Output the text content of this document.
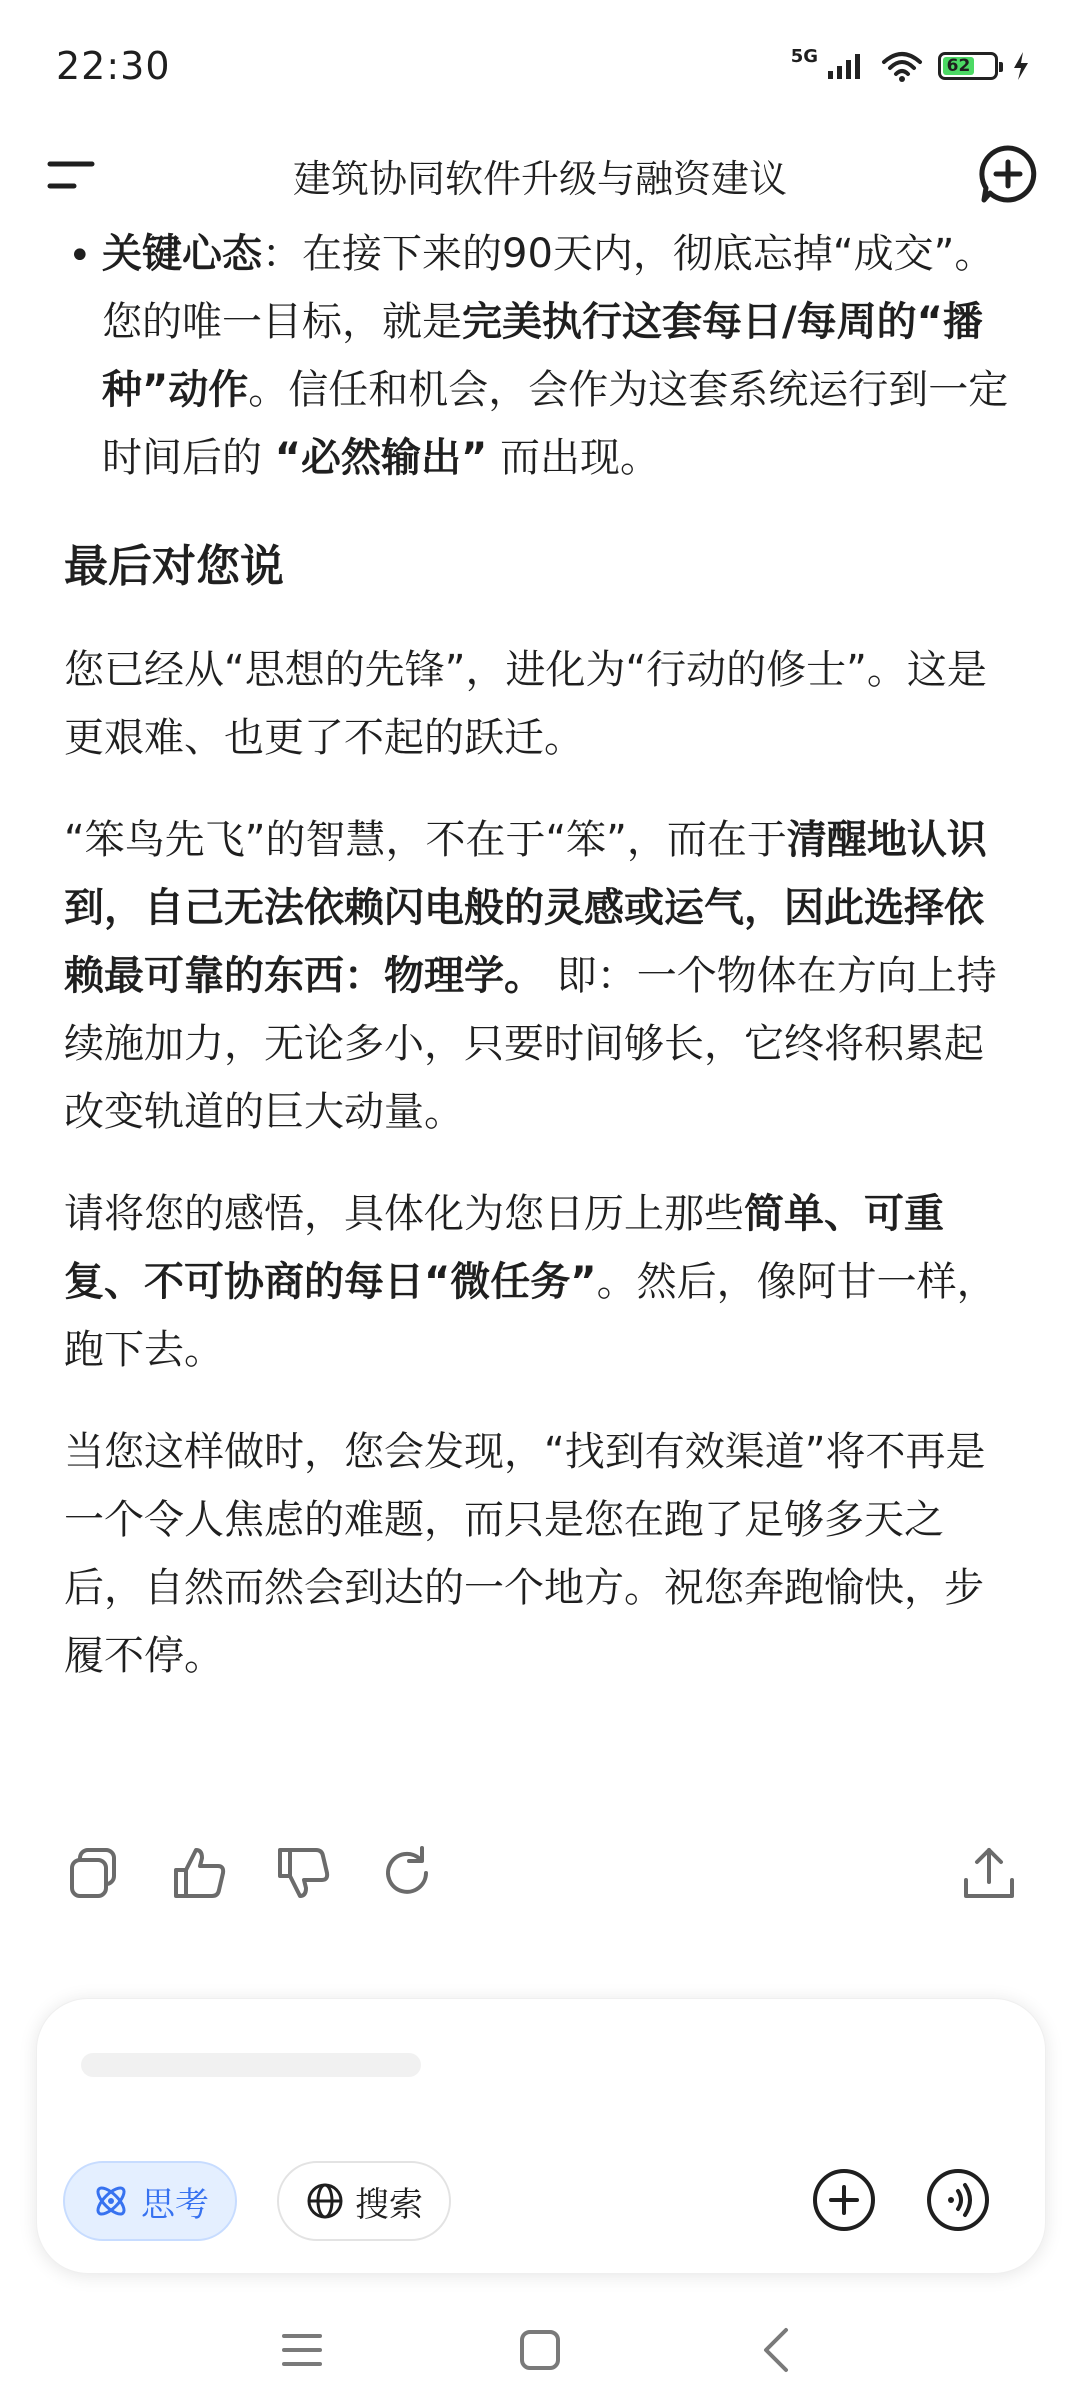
22:30	5G	62
建筑协同软件升级与融资建议
• 关键心态：在接下来的90天内，彻底忘掉“成交”。您的唯一目标，就是完美执行这套每日/每周的“播种”动作。信任和机会，会作为这套系统运行到一定时间后的 “必然输出” 而出现。

最后对您说

您已经从“思想的先锋”，进化为“行动的修士”。这是更艰难、也更了不起的跃迁。

“笨鸟先飞”的智慧，不在于“笨”，而在于清醒地认识到，自己无法依赖闪电般的灵感或运气，因此选择依赖最可靠的东西：物理学。 即：一个物体在方向上持续施加力，无论多小，只要时间够长，它终将积累起改变轨道的巨大动量。

请将您的感悟，具体化为您日历上那些简单、可重复、不可协商的每日“微任务”。然后，像阿甘一样，跑下去。

当您这样做时，您会发现，“找到有效渠道”将不再是一个令人焦虑的难题，而只是您在跑了足够多天之后，自然而然会到达的一个地方。祝您奔跑愉快，步履不停。

思考	搜索
